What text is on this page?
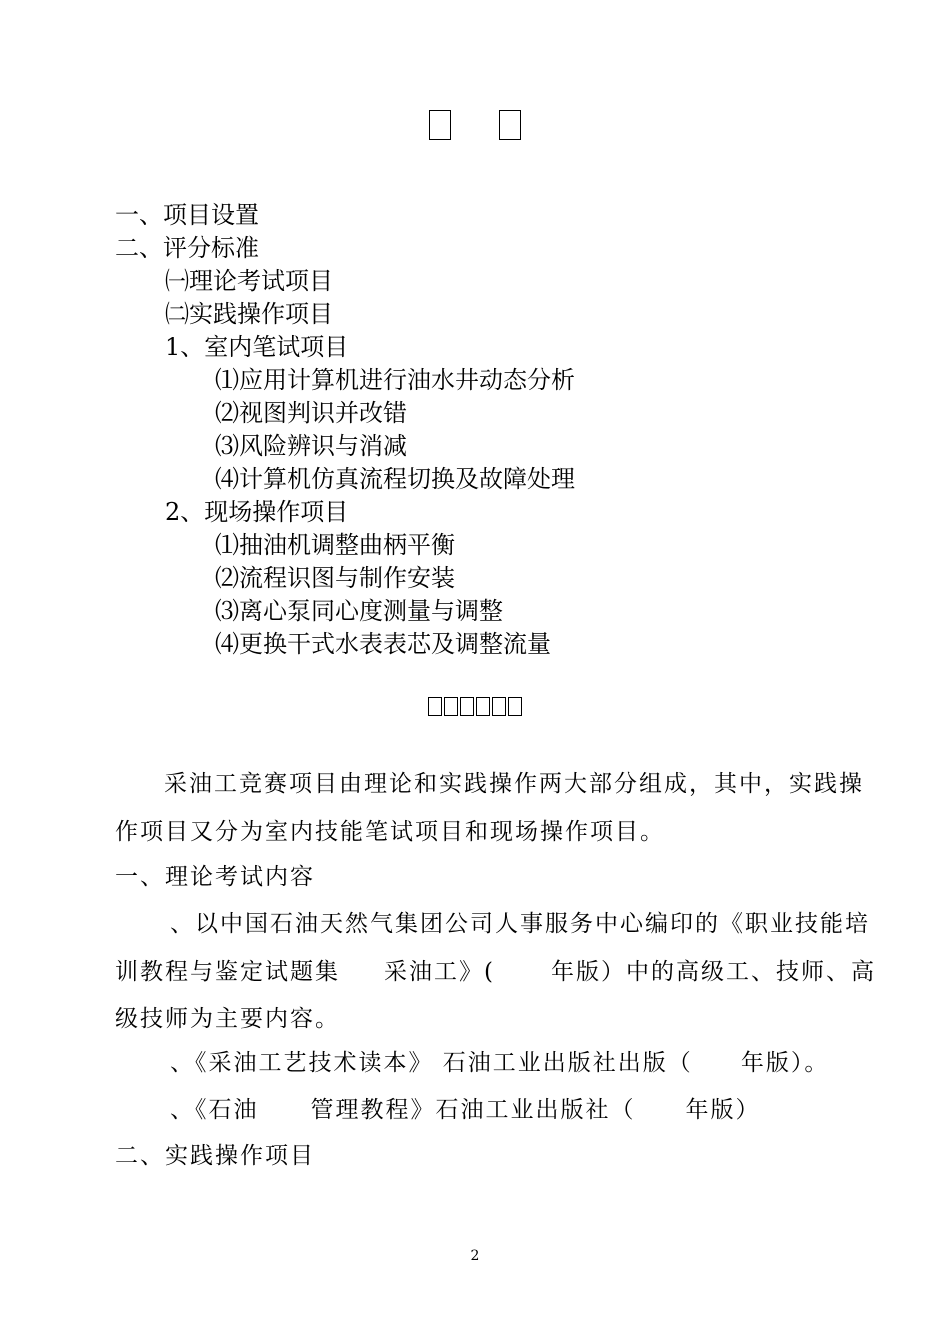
一、项目设置
二、评分标准
㈠理论考试项目
㈡实践操作项目
1、室内笔试项目
⑴应用计算机进行油水井动态分析
⑵视图判识并改错
⑶风险辨识与消减
⑷计算机仿真流程切换及故障处理
2、现场操作项目
⑴抽油机调整曲柄平衡
⑵流程识图与制作安装
⑶离心泵同心度测量与调整
⑷更换干式水表表芯及调整流量
采油工竞赛项目由理论和实践操作两大部分组成，其中，实践操
作项目又分为室内技能笔试项目和现场操作项目。
一、理论考试内容
、以中国石油天然气集团公司人事服务中心编印的《职业技能培
训教程与鉴定试题集 采油工》( 年版）中的高级工、技师、高
级技师为主要内容。
、《采油工艺技术读本》 石油工业出版社出版（ 年版）。
、《石油 管理教程》石油工业出版社（ 年版）
二、实践操作项目
2
